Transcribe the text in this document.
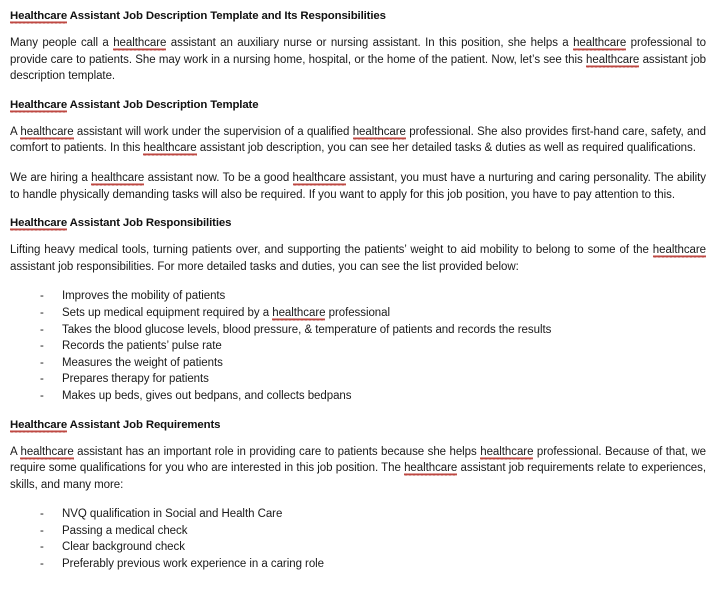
Healthcare Assistant Job Description Template and Its Responsibilities

Many people call a healthcare assistant an auxiliary nurse or nursing assistant. In this position, she helps a healthcare professional to provide care to patients. She may work in a nursing home, hospital, or the home of the patient. Now, let’s see this healthcare assistant job description template.

Healthcare Assistant Job Description Template

A healthcare assistant will work under the supervision of a qualified healthcare professional. She also provides first-hand care, safety, and comfort to patients. In this healthcare assistant job description, you can see her detailed tasks & duties as well as required qualifications.

We are hiring a healthcare assistant now. To be a good healthcare assistant, you must have a nurturing and caring personality. The ability to handle physically demanding tasks will also be required. If you want to apply for this job position, you have to pay attention to this.

Healthcare Assistant Job Responsibilities

Lifting heavy medical tools, turning patients over, and supporting the patients’ weight to aid mobility to belong to some of the healthcare assistant job responsibilities. For more detailed tasks and duties, you can see the list provided below:

- Improves the mobility of patients
- Sets up medical equipment required by a healthcare professional
- Takes the blood glucose levels, blood pressure, & temperature of patients and records the results
- Records the patients’ pulse rate
- Measures the weight of patients
- Prepares therapy for patients
- Makes up beds, gives out bedpans, and collects bedpans
Healthcare Assistant Job Requirements

A healthcare assistant has an important role in providing care to patients because she helps healthcare professional. Because of that, we require some qualifications for you who are interested in this job position. The healthcare assistant job requirements relate to experiences, skills, and many more:

- NVQ qualification in Social and Health Care
- Passing a medical check
- Clear background check
- Preferably previous work experience in a caring role
